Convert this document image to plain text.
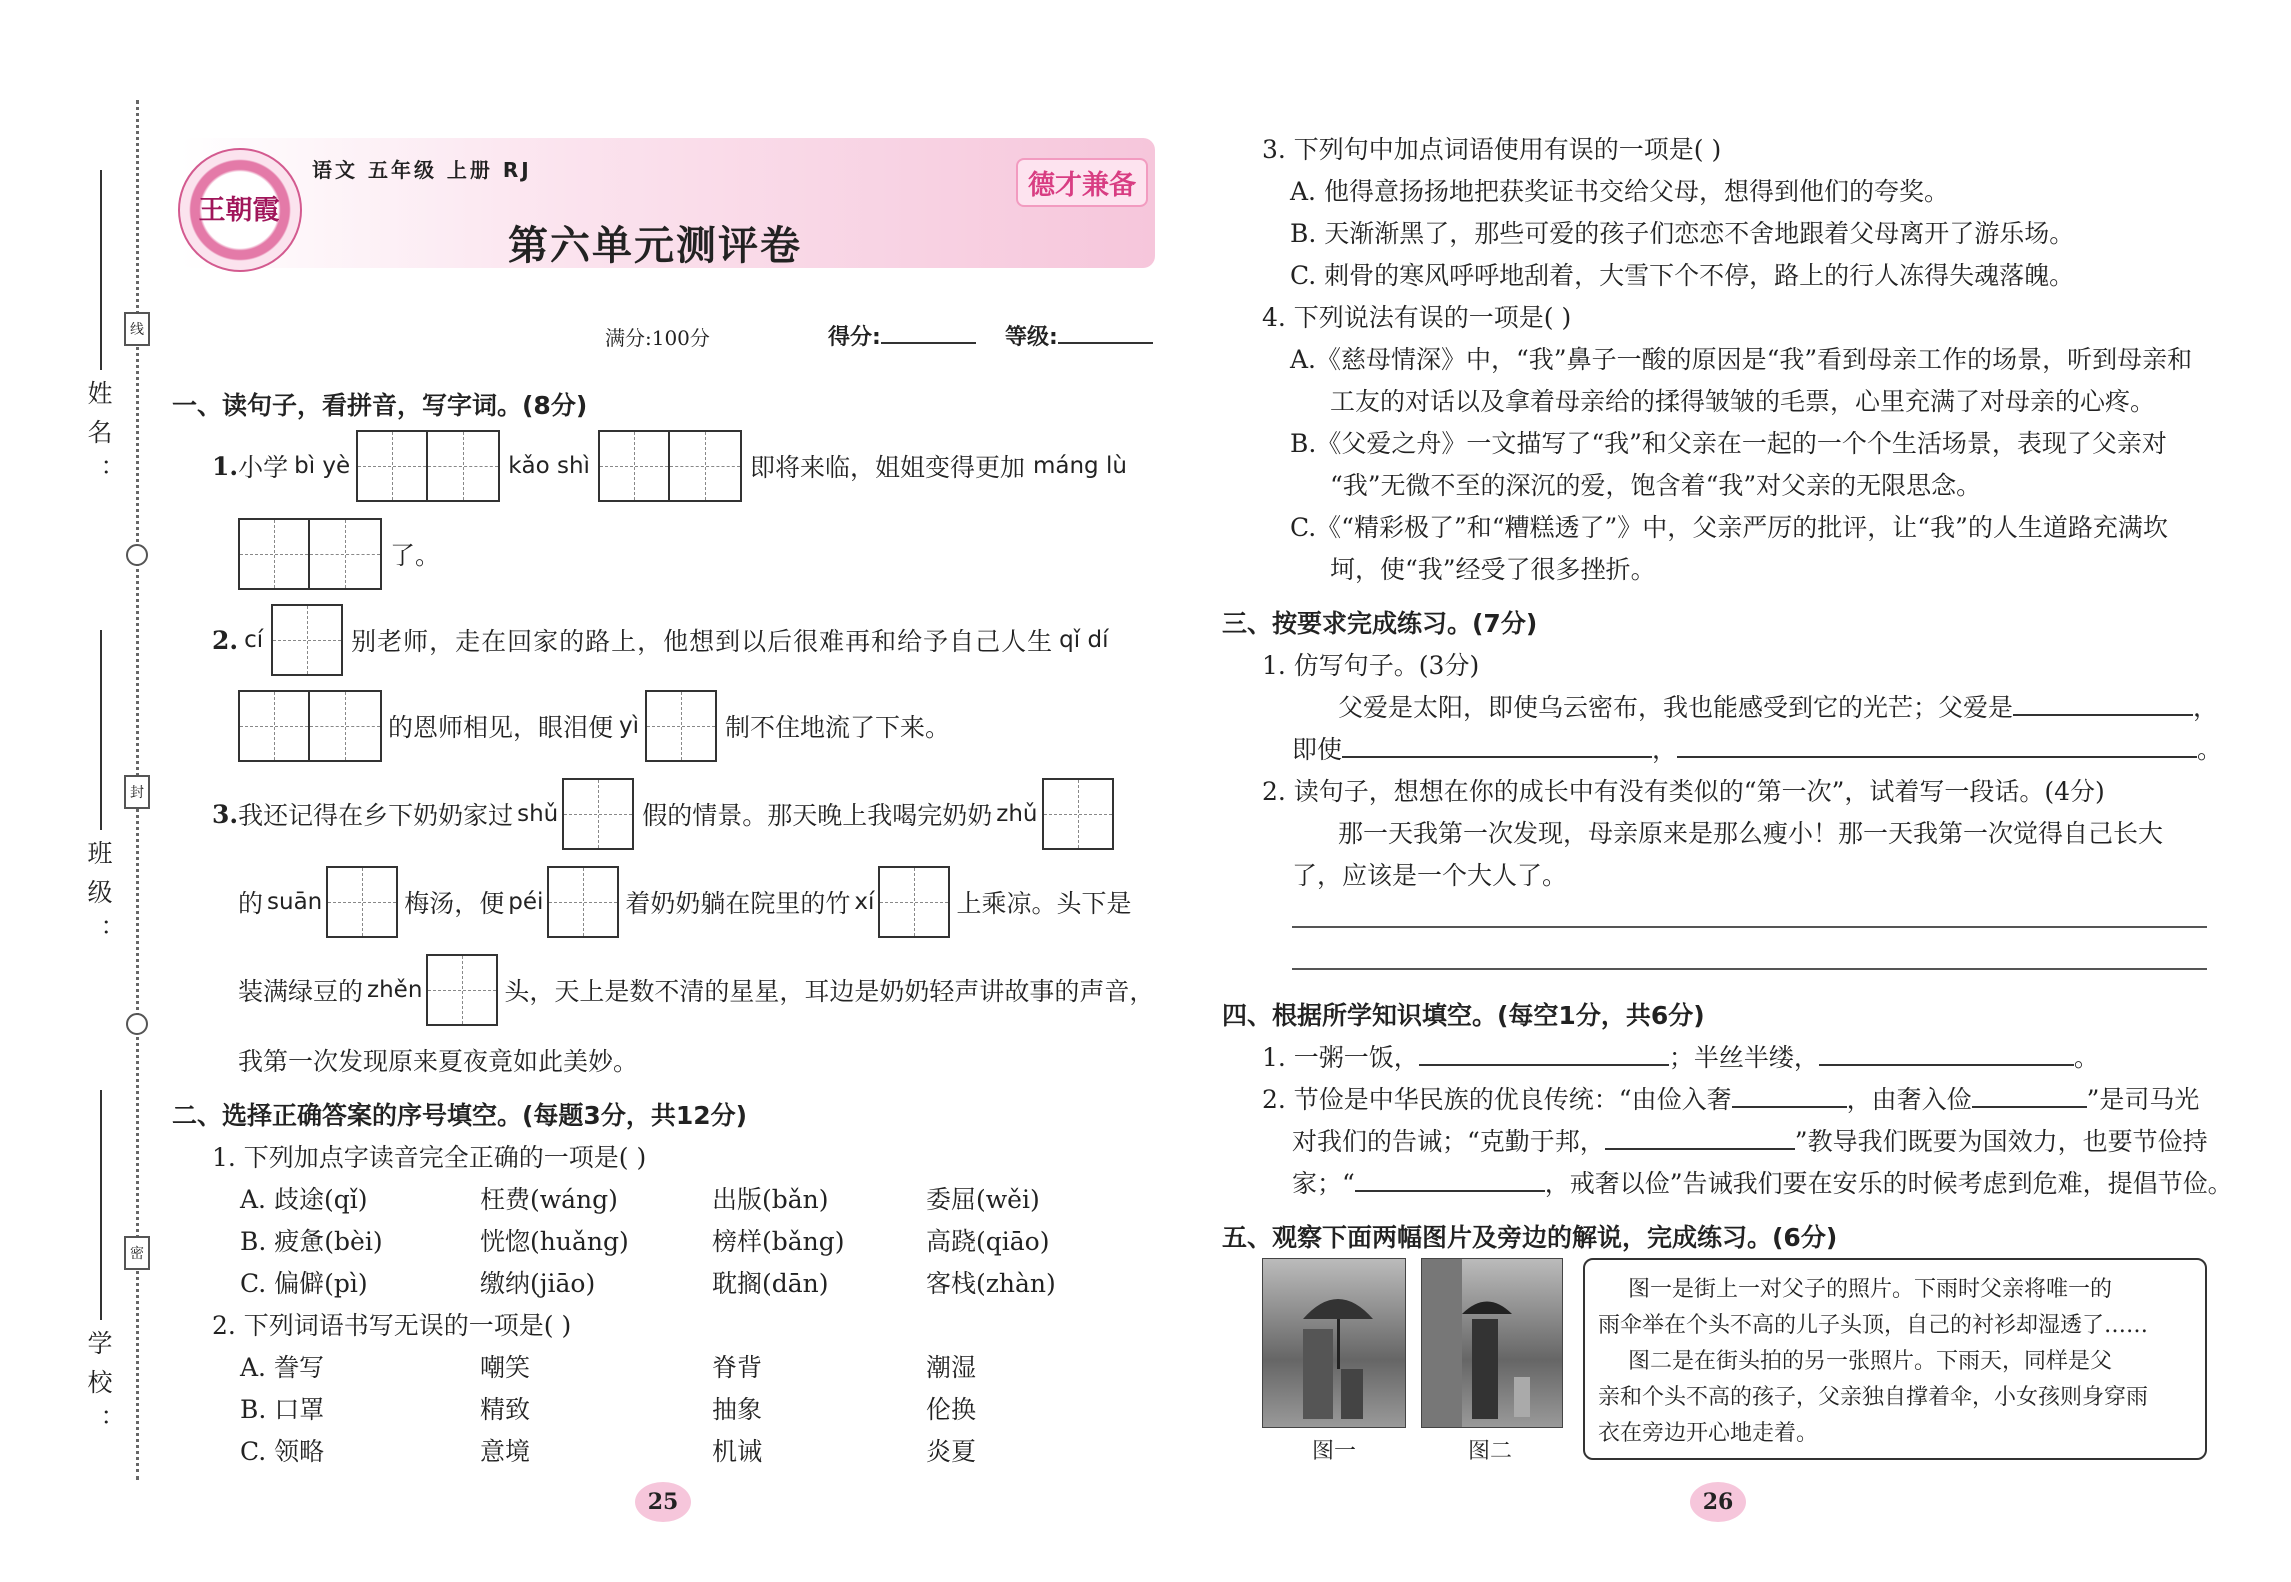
姓名：
班级：
学校：
线
封
密
王朝霞
语文 五年级 上册 RJ	德才兼备
第六单元测评卷
满分:100分	得分:	等级:
一、读句子，看拼音，写字词。(8分)
1. 小学 bì yè	kǎo shì	即将来临，姐姐变得更加 máng lù
了。
2. cí	别老师，走在回家的路上，他想到以后很难再和给予自己人生 qǐ dí
的恩师相见，眼泪便 yì	制不住地流了下来。
3. 我还记得在乡下奶奶家过 shǔ	假的情景。那天晚上我喝完奶奶 zhǔ
的 suān	梅汤，便 péi	着奶奶躺在院里的竹 xí	上乘凉。头下是
装满绿豆的 zhěn	头，天上是数不清的星星，耳边是奶奶轻声讲故事的声音，
我第一次发现原来夏夜竟如此美妙。
二、选择正确答案的序号填空。(每题3分，共12分)
1. 下列加点字读音完全正确的一项是( )
A. 歧途(qǐ)	枉费(wáng)	出版(bǎn)	委屈(wěi)
B. 疲惫(bèi)	恍惚(huǎng)	榜样(bǎng)	高跷(qiāo)
C. 偏僻(pì)	缴纳(jiāo)	耽搁(dān)	客栈(zhàn)
2. 下列词语书写无误的一项是( )
A. 誊写	嘲笑	脊背	潮湿
B. 口罩	精致	抽象	伦换
C. 领略	意境	机诫	炎夏
25
3. 下列句中加点词语使用有误的一项是( )
A. 他得意扬扬地把获奖证书交给父母，想得到他们的夸奖。
B. 天渐渐黑了，那些可爱的孩子们恋恋不舍地跟着父母离开了游乐场。
C. 刺骨的寒风呼呼地刮着，大雪下个不停，路上的行人冻得失魂落魄。
4. 下列说法有误的一项是( )
A.《慈母情深》中，“我”鼻子一酸的原因是“我”看到母亲工作的场景，听到母亲和
工友的对话以及拿着母亲给的揉得皱皱的毛票，心里充满了对母亲的心疼。
B.《父爱之舟》一文描写了“我”和父亲在一起的一个个生活场景，表现了父亲对
“我”无微不至的深沉的爱，饱含着“我”对父亲的无限思念。
C.《“精彩极了”和“糟糕透了”》中，父亲严厉的批评，让“我”的人生道路充满坎
坷，使“我”经受了很多挫折。
三、按要求完成练习。(7分)
1. 仿写句子。(3分)
父爱是太阳，即使乌云密布，我也能感受到它的光芒；父爱是	，
即使	，	。
2. 读句子，想想在你的成长中有没有类似的“第一次”，试着写一段话。(4分)
那一天我第一次发现，母亲原来是那么瘦小！那一天我第一次觉得自己长大
了，应该是一个大人了。
四、根据所学知识填空。(每空1分，共6分)
1. 一粥一饭，	；半丝半缕，	。
2. 节俭是中华民族的优良传统：“由俭入奢	，由奢入俭	”是司马光
对我们的告诫；“克勤于邦，	”教导我们既要为国效力，也要节俭持
家；“	，戒奢以俭”告诫我们要在安乐的时候考虑到危难，提倡节俭。
五、观察下面两幅图片及旁边的解说，完成练习。(6分)
图一	图二
图一是街上一对父子的照片。下雨时父亲将唯一的
雨伞举在个头不高的儿子头顶，自己的衬衫却湿透了……
图二是在街头拍的另一张照片。下雨天，同样是父
亲和个头不高的孩子，父亲独自撑着伞，小女孩则身穿雨
衣在旁边开心地走着。
26
